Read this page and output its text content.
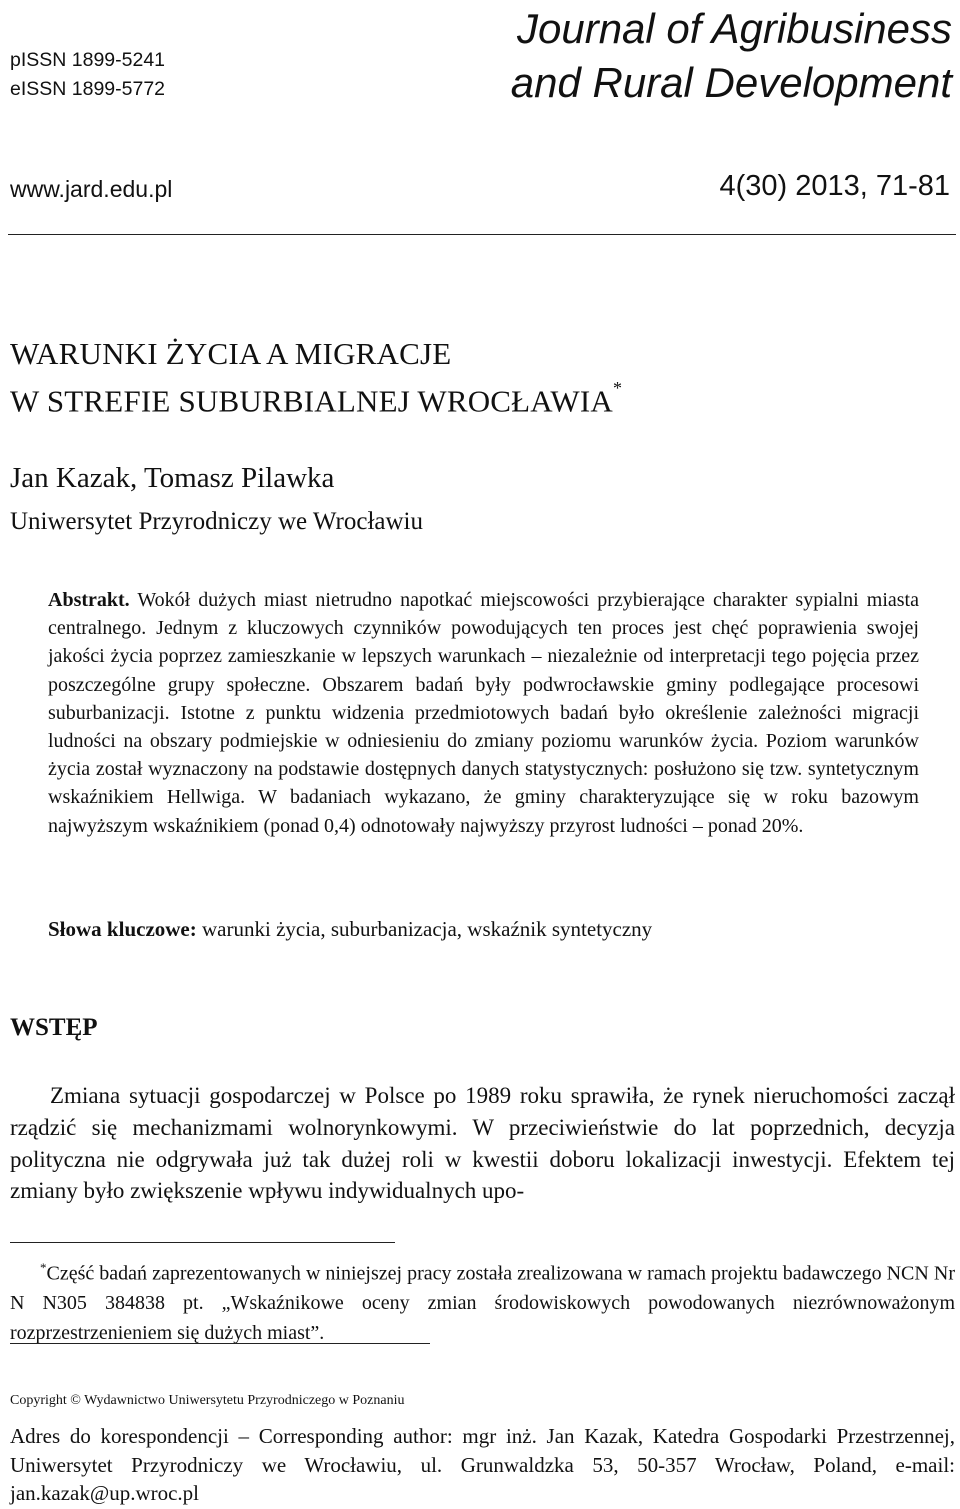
pISSN 1899-5241
eISSN 1899-5772
Journal of Agribusiness
and Rural Development
www.jard.edu.pl	4(30) 2013, 71-81
WARUNKI ŻYCIA A MIGRACJE
W STREFIE SUBURBIALNEJ WROCŁAWIA*
Jan Kazak, Tomasz Pilawka
Uniwersytet Przyrodniczy we Wrocławiu
Abstrakt. Wokół dużych miast nietrudno napotkać miejscowości przybierające charakter sypialni miasta centralnego. Jednym z kluczowych czynników powodujących ten proces jest chęć poprawienia swojej jakości życia poprzez zamieszkanie w lepszych warunkach – niezależnie od interpretacji tego pojęcia przez poszczególne grupy społeczne. Obszarem badań były podwrocławskie gminy podlegające procesowi suburbanizacji. Istotne z punktu widzenia przedmiotowych badań było określenie zależności migracji ludności na obszary podmiejskie w odniesieniu do zmiany poziomu warunków życia. Poziom warunków życia został wyznaczony na podstawie dostępnych danych statystycznych: posłużono się tzw. syntetycznym wskaźnikiem Hellwiga. W badaniach wykazano, że gminy charakteryzujące się w roku bazowym najwyższym wskaźnikiem (ponad 0,4) odnotowały najwyższy przyrost ludności – ponad 20%.
Słowa kluczowe: warunki życia, suburbanizacja, wskaźnik syntetyczny
WSTĘP
Zmiana sytuacji gospodarczej w Polsce po 1989 roku sprawiła, że rynek nieruchomości zaczął rządzić się mechanizmami wolnorynkowymi. W przeciwieństwie do lat poprzednich, decyzja polityczna nie odgrywała już tak dużej roli w kwestii doboru lokalizacji inwestycji. Efektem tej zmiany było zwiększenie wpływu indywidualnych upo-
*Część badań zaprezentowanych w niniejszej pracy została zrealizowana w ramach projektu badawczego NCN Nr N N305 384838 pt. „Wskaźnikowe oceny zmian środowiskowych powodowanych niezrównoważonym rozprzestrzenieniem się dużych miast”.
Copyright © Wydawnictwo Uniwersytetu Przyrodniczego w Poznaniu
Adres do korespondencji – Corresponding author: mgr inż. Jan Kazak, Katedra Gospodarki Przestrzennej, Uniwersytet Przyrodniczy we Wrocławiu, ul. Grunwaldzka 53, 50-357 Wrocław, Poland, e-mail: jan.kazak@up.wroc.pl
